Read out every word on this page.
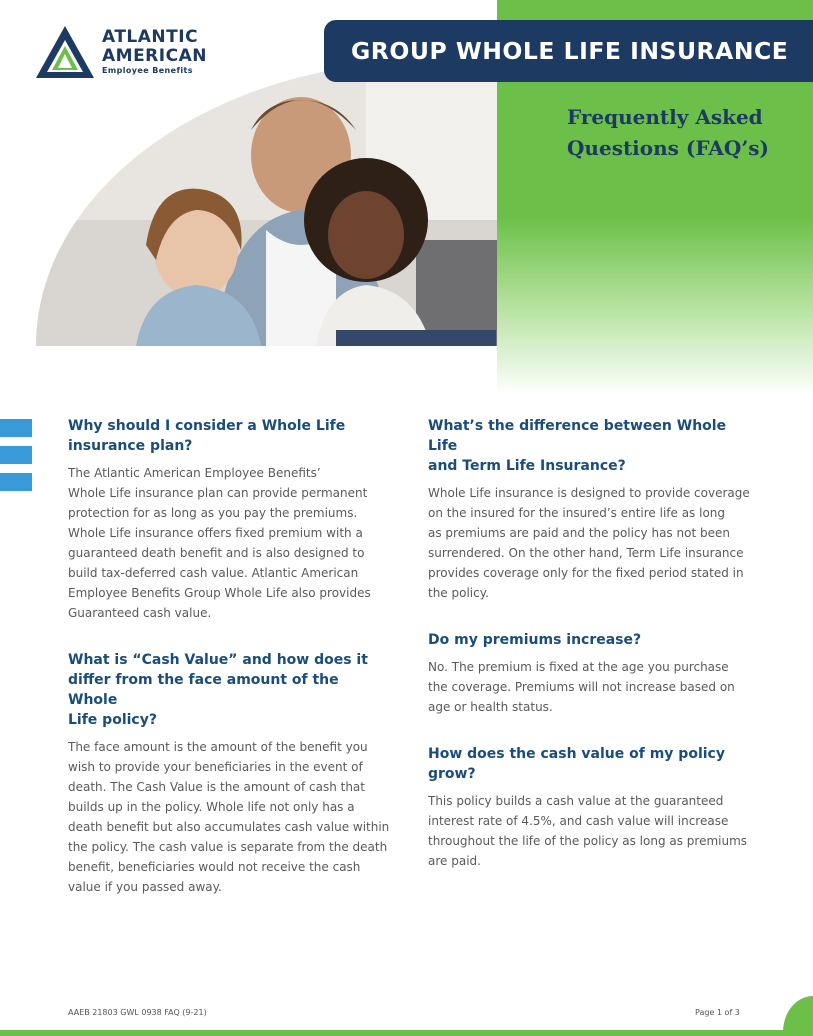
ATLANTIC
AMERICAN
Employee Benefits
GROUP WHOLE LIFE INSURANCE
Frequently Asked
Questions (FAQ’s)
Why should I consider a Whole Life
insurance plan?
The Atlantic American Employee Benefits’
Whole Life insurance plan can provide permanent
protection for as long as you pay the premiums.
Whole Life insurance offers fixed premium with a
guaranteed death benefit and is also designed to
build tax-deferred cash value. Atlantic American
Employee Benefits Group Whole Life also provides
Guaranteed cash value.
What is “Cash Value” and how does it
differ from the face amount of the Whole
Life policy?
The face amount is the amount of the benefit you
wish to provide your beneficiaries in the event of
death. The Cash Value is the amount of cash that
builds up in the policy. Whole life not only has a
death benefit but also accumulates cash value within
the policy. The cash value is separate from the death
benefit, beneficiaries would not receive the cash
value if you passed away.
What’s the difference between Whole Life
and Term Life Insurance?
Whole Life insurance is designed to provide coverage
on the insured for the insured’s entire life as long
as premiums are paid and the policy has not been
surrendered. On the other hand, Term Life insurance
provides coverage only for the fixed period stated in
the policy.
Do my premiums increase?
No. The premium is fixed at the age you purchase
the coverage. Premiums will not increase based on
age or health status.
How does the cash value of my policy grow?
This policy builds a cash value at the guaranteed
interest rate of 4.5%, and cash value will increase
throughout the life of the policy as long as premiums
are paid.
AAEB 21803 GWL 0938 FAQ (9-21)	Page 1 of 3
